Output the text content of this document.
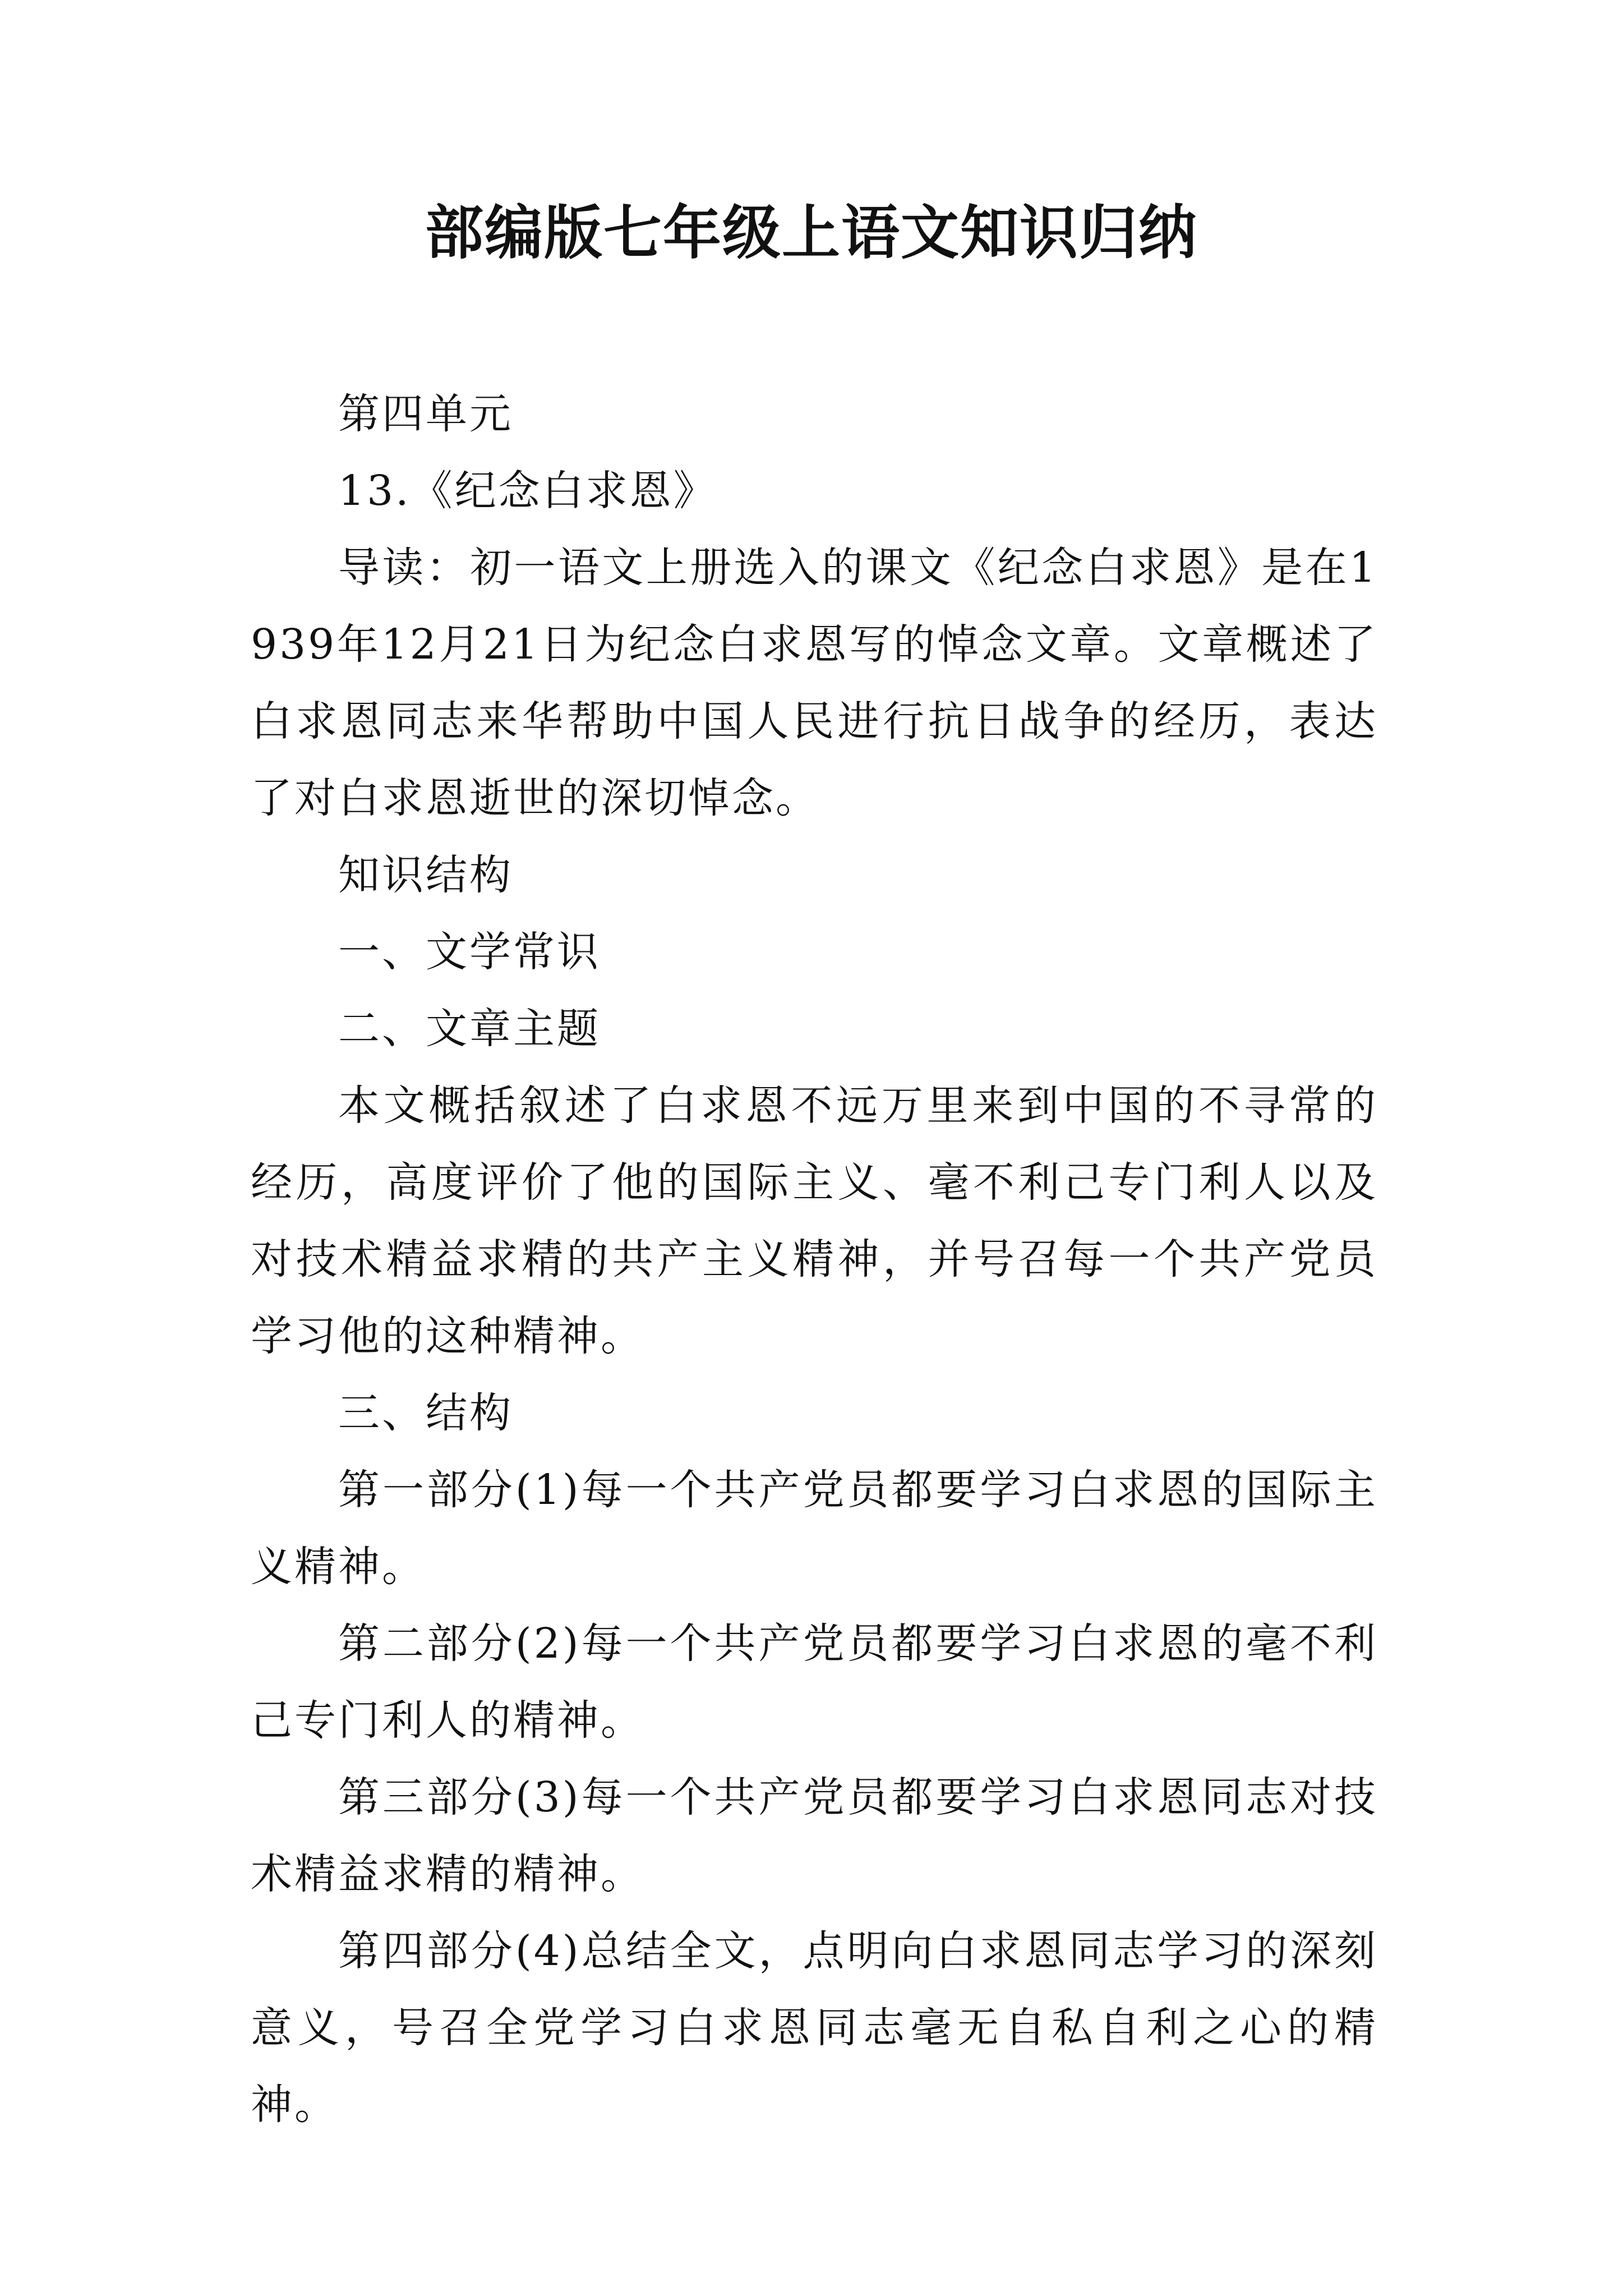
部编版七年级上语文知识归纳

第四单元

13.《纪念白求恩》

导读：初一语文上册选入的课文《纪念白求恩》是在1939年12月21日为纪念白求恩写的悼念文章。文章概述了白求恩同志来华帮助中国人民进行抗日战争的经历，表达了对白求恩逝世的深切悼念。

知识结构

一、文学常识

二、文章主题

本文概括叙述了白求恩不远万里来到中国的不寻常的经历，高度评价了他的国际主义、毫不利己专门利人以及对技术精益求精的共产主义精神，并号召每一个共产党员学习他的这种精神。

三、结构

第一部分(1)每一个共产党员都要学习白求恩的国际主义精神。

第二部分(2)每一个共产党员都要学习白求恩的毫不利己专门利人的精神。

第三部分(3)每一个共产党员都要学习白求恩同志对技术精益求精的精神。

第四部分(4)总结全文，点明向白求恩同志学习的深刻意义，号召全党学习白求恩同志毫无自私自利之心的精神。
